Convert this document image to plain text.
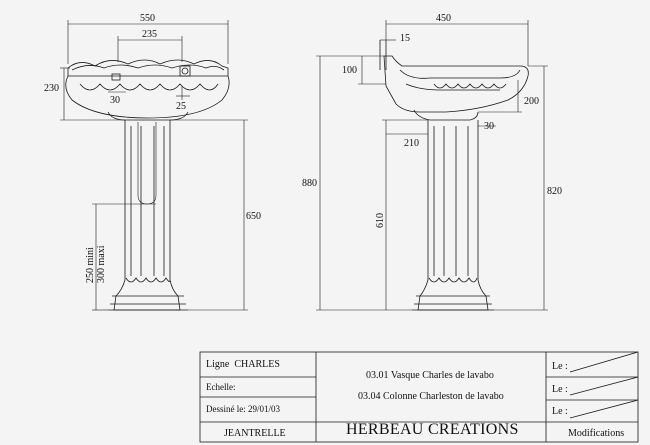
550
235
230
30
25
650
250 mini 300 maxi
450
15
100
200
210
30
880
610
820
Ligne CHARLES
Echelle:
Dessiné le: 29/01/03
JEANTRELLE
03.01 Vasque Charles de lavabo
03.04 Colonne Charleston de lavabo
HERBEAU CREATIONS
Le :
Le :
Le :
Modifications
